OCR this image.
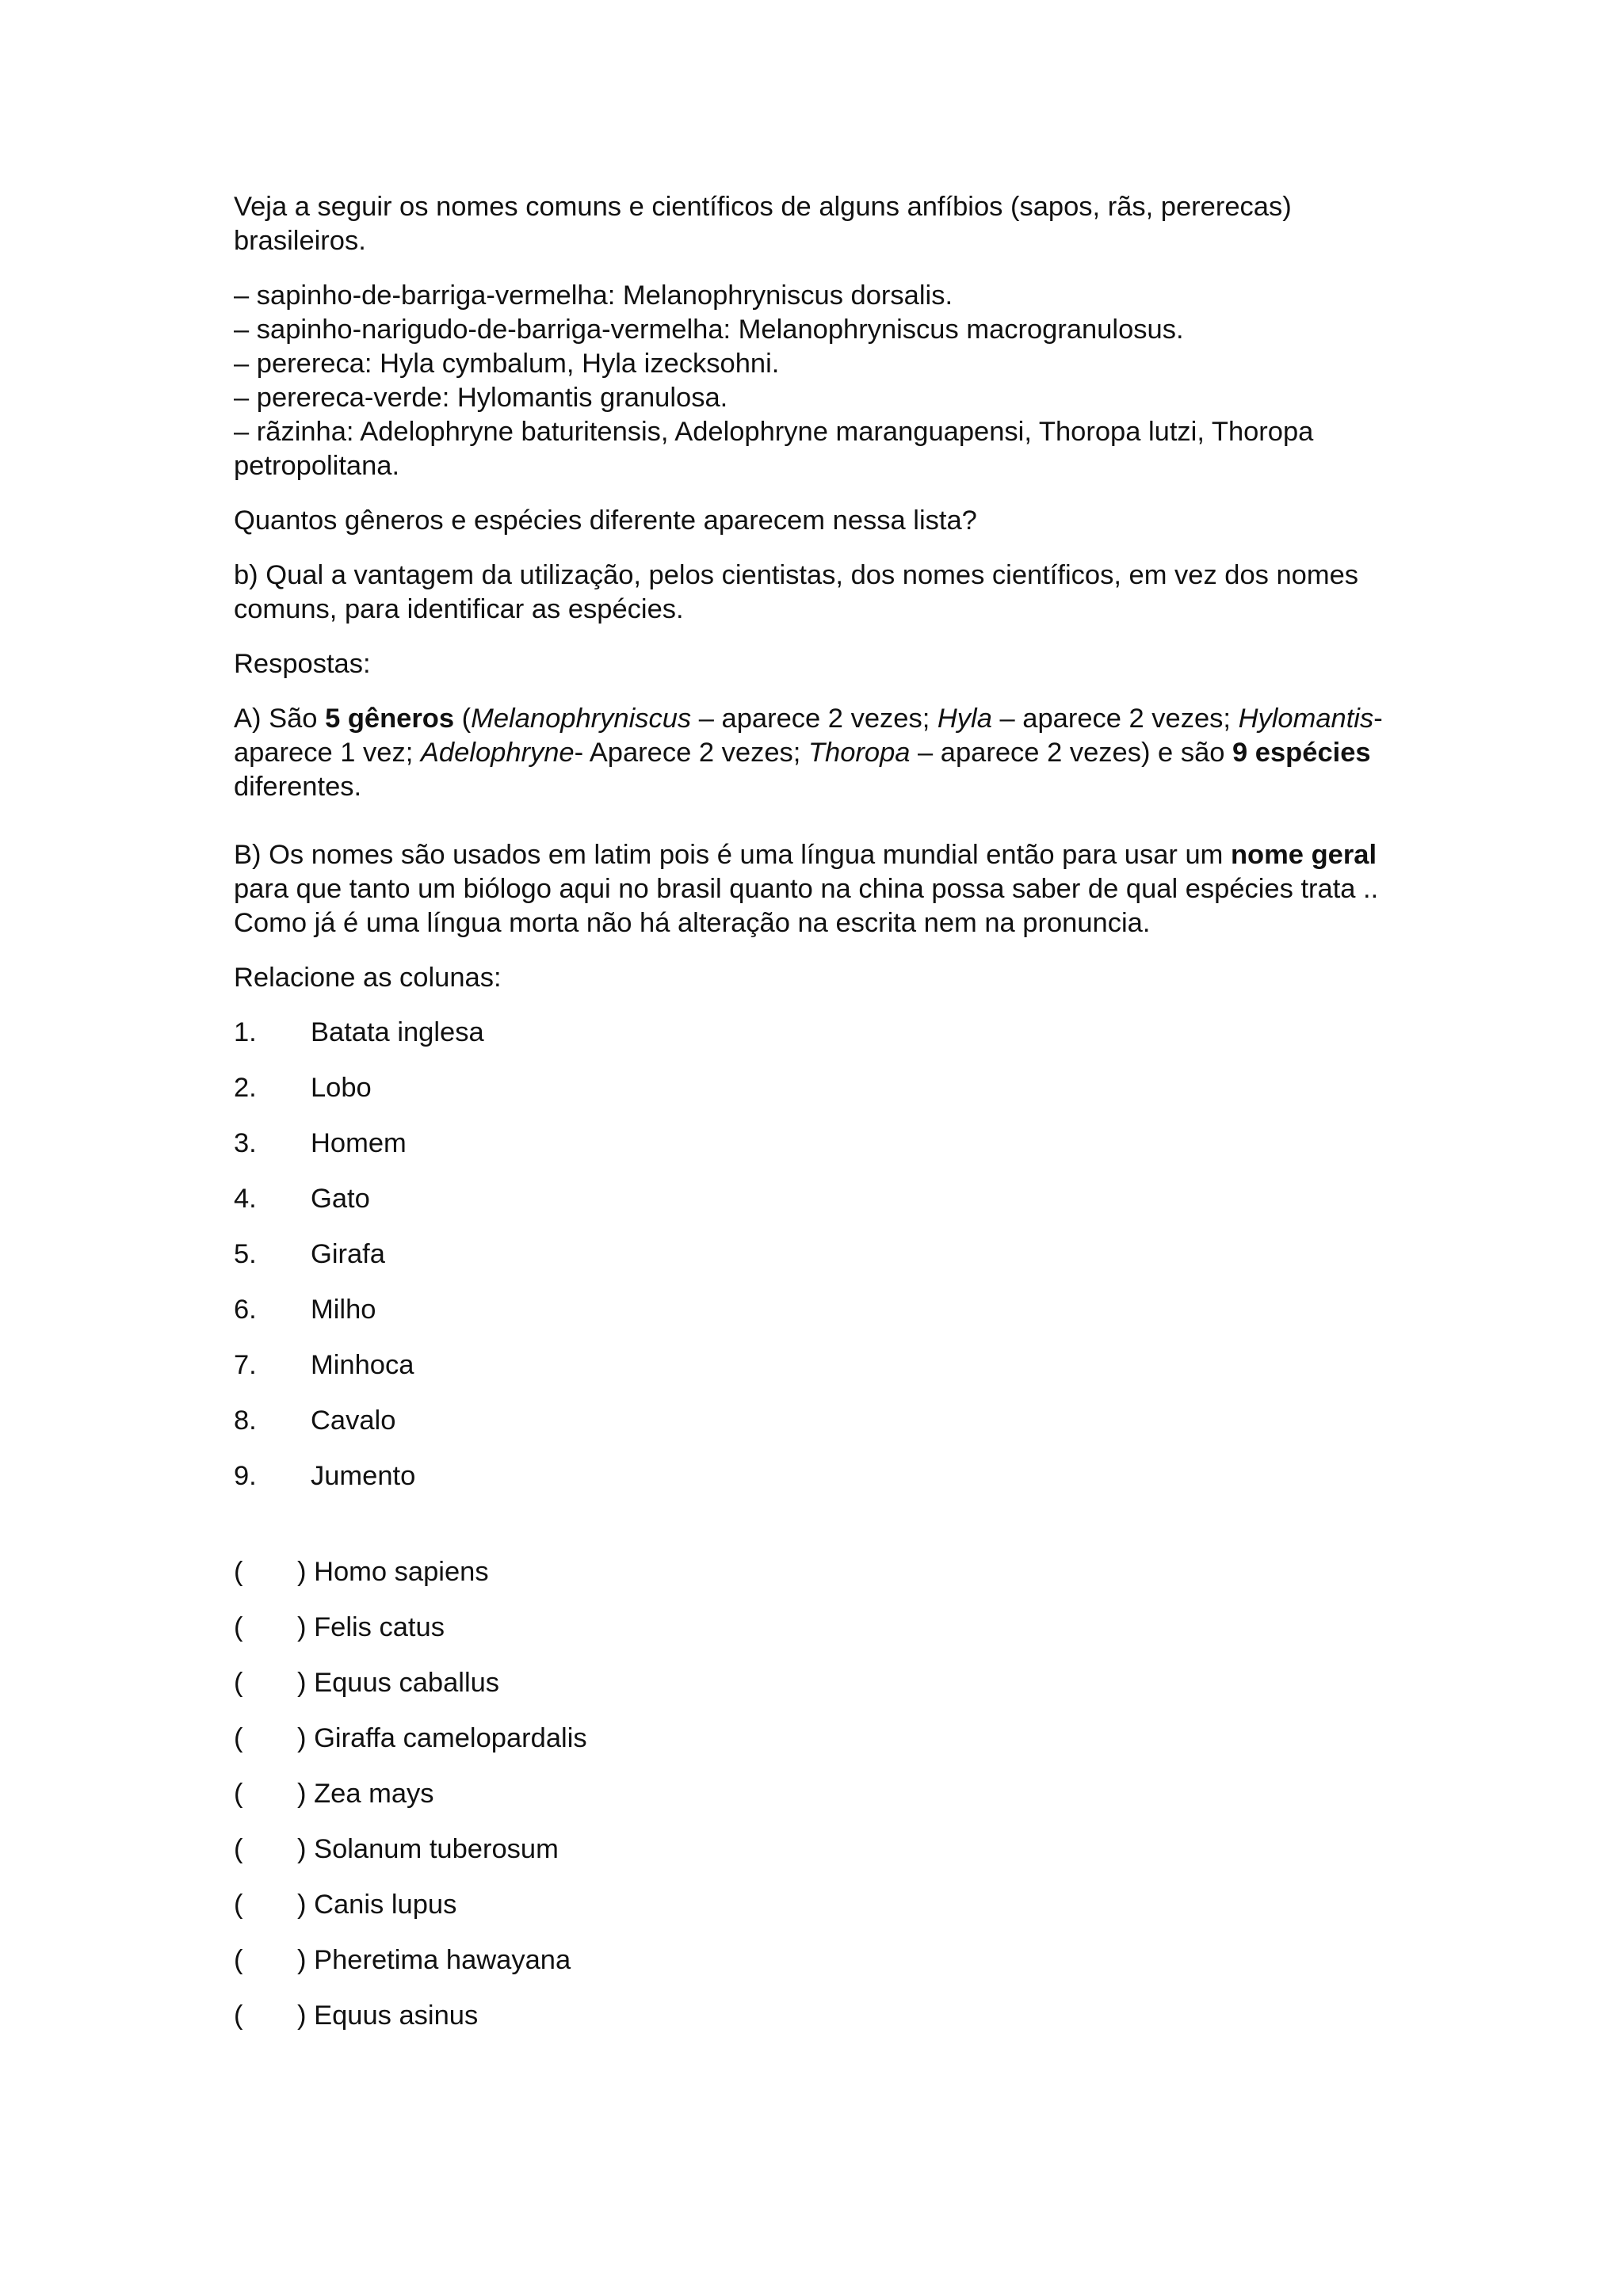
Veja a seguir os nomes comuns e científicos de alguns anfíbios (sapos, rãs, pererecas) brasileiros.

– sapinho-de-barriga-vermelha: Melanophryniscus dorsalis.

– sapinho-narigudo-de-barriga-vermelha: Melanophryniscus macrogranulosus.

– perereca: Hyla cymbalum, Hyla izecksohni.

– perereca-verde: Hylomantis granulosa.

– rãzinha: Adelophryne baturitensis, Adelophryne maranguapensi, Thoropa lutzi, Thoropa petropolitana.

Quantos gêneros e espécies diferente aparecem nessa lista?

b) Qual a vantagem da utilização, pelos cientistas, dos nomes científicos, em vez dos nomes comuns, para identificar as espécies.

Respostas:

A) São 5 gêneros (Melanophryniscus – aparece 2 vezes; Hyla – aparece 2 vezes; Hylomantis-aparece 1 vez; Adelophryne- Aparece 2 vezes; Thoropa – aparece 2 vezes) e são 9 espécies diferentes.

B) Os nomes são usados em latim pois é uma língua mundial então para usar um nome geral para que tanto um biólogo aqui no brasil quanto na china possa saber de qual espécies trata .. Como já é uma língua morta não há alteração na escrita nem na pronuncia.

Relacione as colunas:

1.	Batata inglesa
2.	Lobo
3.	Homem
4.	Gato
5.	Girafa
6.	Milho
7.	Minhoca
8.	Cavalo
9.	Jumento
(	) Homo sapiens
(	) Felis catus
(	) Equus caballus
(	) Giraffa camelopardalis
(	) Zea mays
(	) Solanum tuberosum
(	) Canis lupus
(	) Pheretima hawayana
(	) Equus asinus
